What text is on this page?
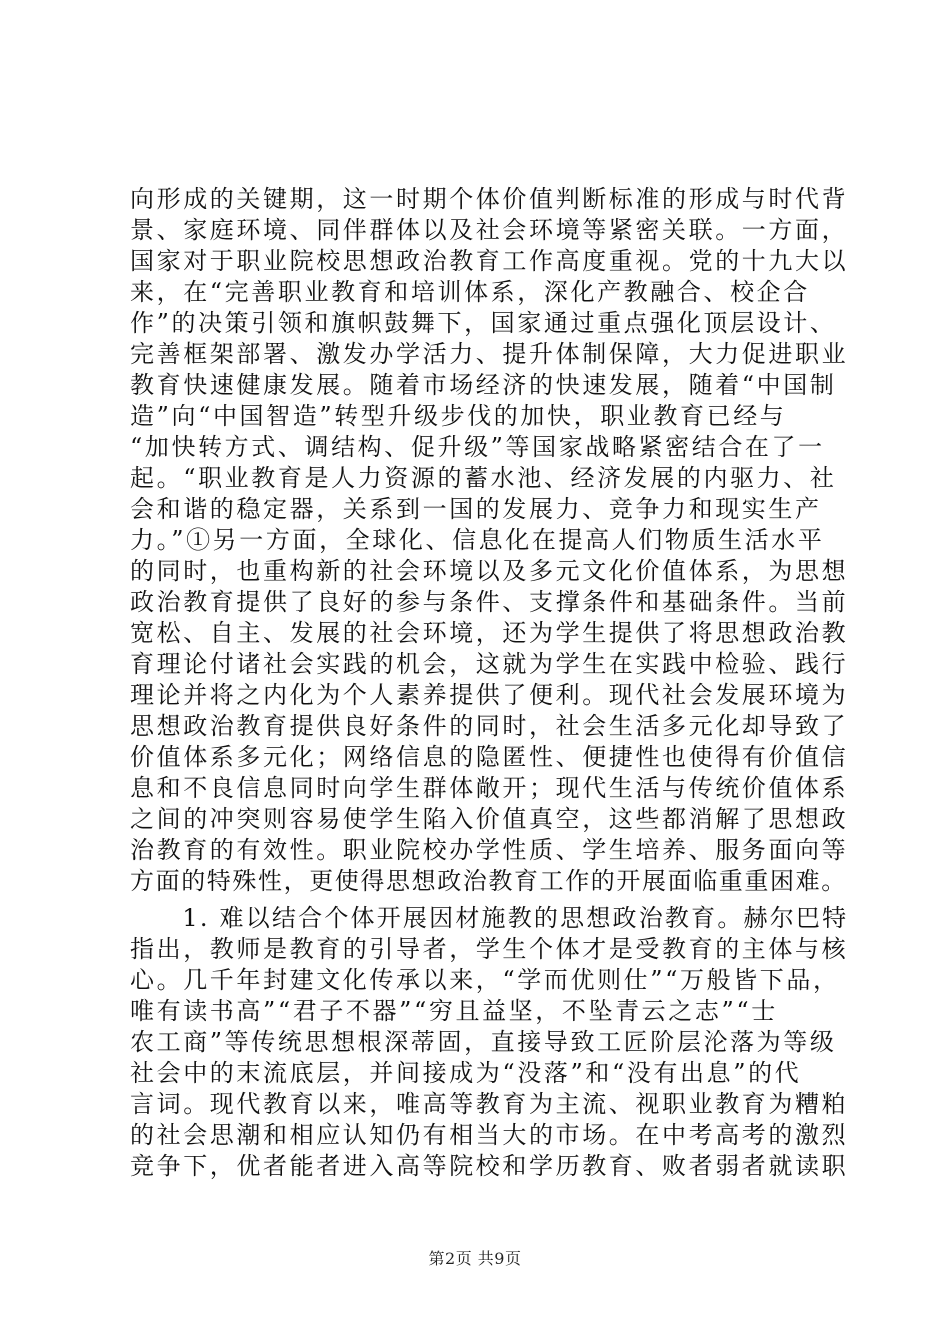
向形成的关键期，这一时期个体价值判断标准的形成与时代背
景、家庭环境、同伴群体以及社会环境等紧密关联。一方面，
国家对于职业院校思想政治教育工作高度重视。党的十九大以
来，在“完善职业教育和培训体系，深化产教融合、校企合
作”的决策引领和旗帜鼓舞下，国家通过重点强化顶层设计、
完善框架部署、激发办学活力、提升体制保障，大力促进职业
教育快速健康发展。随着市场经济的快速发展，随着“中国制
造”向“中国智造”转型升级步伐的加快，职业教育已经与
“加快转方式、调结构、促升级”等国家战略紧密结合在了一
起。“职业教育是人力资源的蓄水池、经济发展的内驱力、社
会和谐的稳定器，关系到一国的发展力、竞争力和现实生产
力。”①另一方面，全球化、信息化在提高人们物质生活水平
的同时，也重构新的社会环境以及多元文化价值体系，为思想
政治教育提供了良好的参与条件、支撑条件和基础条件。当前
宽松、自主、发展的社会环境，还为学生提供了将思想政治教
育理论付诸社会实践的机会，这就为学生在实践中检验、践行
理论并将之内化为个人素养提供了便利。现代社会发展环境为
思想政治教育提供良好条件的同时，社会生活多元化却导致了
价值体系多元化；网络信息的隐匿性、便捷性也使得有价值信
息和不良信息同时向学生群体敞开；现代生活与传统价值体系
之间的冲突则容易使学生陷入价值真空，这些都消解了思想政
治教育的有效性。职业院校办学性质、学生培养、服务面向等
方面的特殊性，更使得思想政治教育工作的开展面临重重困难。
　　1. 难以结合个体开展因材施教的思想政治教育。赫尔巴特
指出，教师是教育的引导者，学生个体才是受教育的主体与核
心。几千年封建文化传承以来，“学而优则仕”“万般皆下品，
唯有读书高”“君子不器”“穷且益坚，不坠青云之志”“士
农工商”等传统思想根深蒂固，直接导致工匠阶层沦落为等级
社会中的末流底层，并间接成为“没落”和“没有出息”的代
言词。现代教育以来，唯高等教育为主流、视职业教育为糟粕
的社会思潮和相应认知仍有相当大的市场。在中考高考的激烈
竞争下，优者能者进入高等院校和学历教育、败者弱者就读职
第2页 共9页
